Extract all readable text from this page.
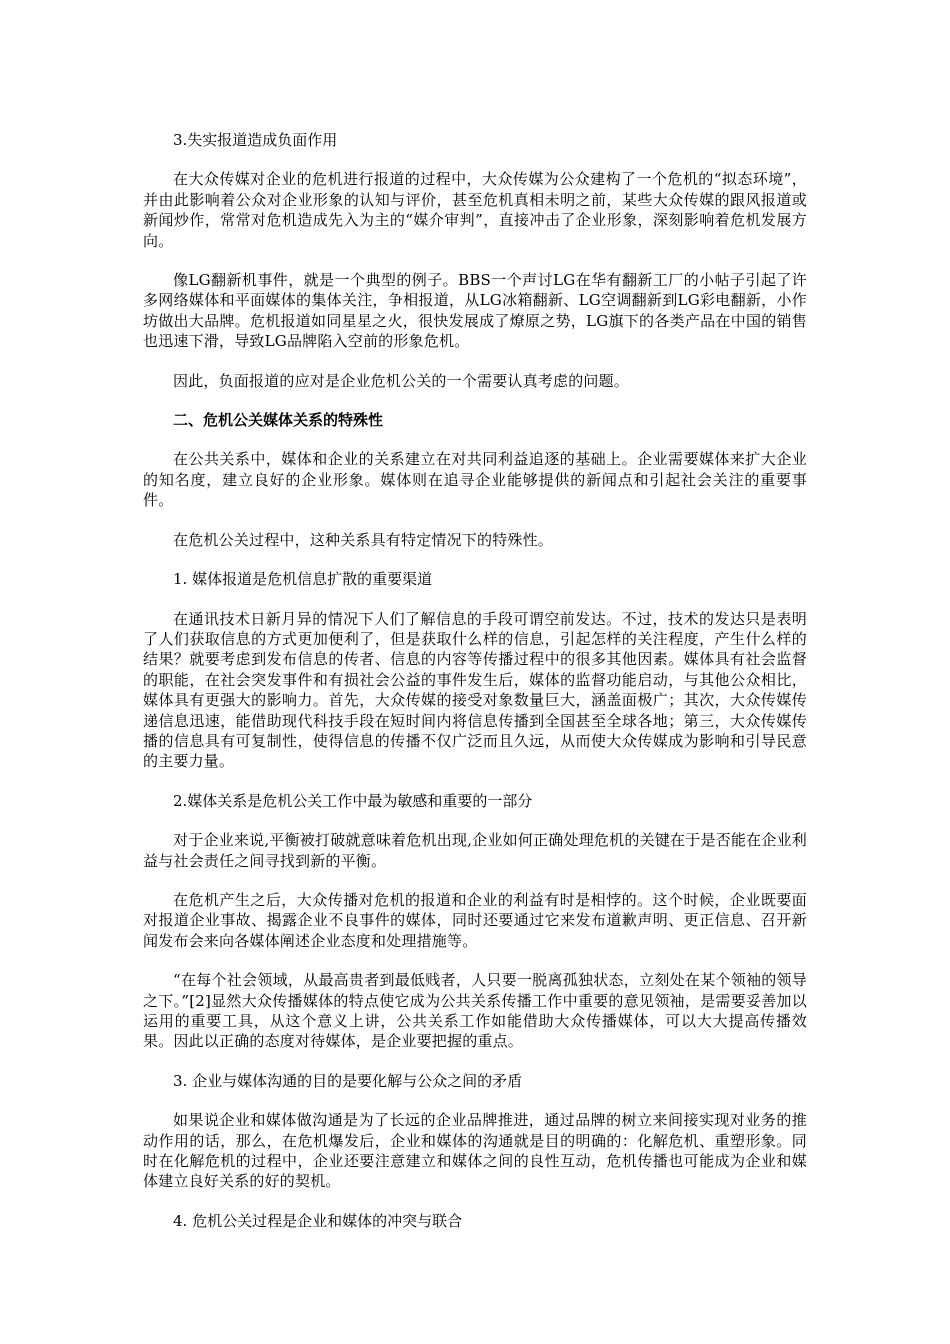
3.失实报道造成负面作用

在大众传媒对企业的危机进行报道的过程中，大众传媒为公众建构了一个危机的“拟态环境”，并由此影响着公众对企业形象的认知与评价，甚至危机真相未明之前，某些大众传媒的跟风报道或新闻炒作，常常对危机造成先入为主的“媒介审判”，直接冲击了企业形象，深刻影响着危机发展方向。

像LG翻新机事件，就是一个典型的例子。BBS一个声讨LG在华有翻新工厂的小帖子引起了许多网络媒体和平面媒体的集体关注，争相报道，从LG冰箱翻新、LG空调翻新到LG彩电翻新，小作坊做出大品牌。危机报道如同星星之火，很快发展成了燎原之势，LG旗下的各类产品在中国的销售也迅速下滑，导致LG品牌陷入空前的形象危机。

因此，负面报道的应对是企业危机公关的一个需要认真考虑的问题。

二、危机公关媒体关系的特殊性

在公共关系中，媒体和企业的关系建立在对共同利益追逐的基础上。企业需要媒体来扩大企业的知名度，建立良好的企业形象。媒体则在追寻企业能够提供的新闻点和引起社会关注的重要事件。

在危机公关过程中，这种关系具有特定情况下的特殊性。

1. 媒体报道是危机信息扩散的重要渠道

在通讯技术日新月异的情况下人们了解信息的手段可谓空前发达。不过，技术的发达只是表明了人们获取信息的方式更加便利了，但是获取什么样的信息，引起怎样的关注程度，产生什么样的结果？就要考虑到发布信息的传者、信息的内容等传播过程中的很多其他因素。媒体具有社会监督的职能，在社会突发事件和有损社会公益的事件发生后，媒体的监督功能启动，与其他公众相比，媒体具有更强大的影响力。首先，大众传媒的接受对象数量巨大，涵盖面极广；其次，大众传媒传递信息迅速，能借助现代科技手段在短时间内将信息传播到全国甚至全球各地；第三，大众传媒传播的信息具有可复制性，使得信息的传播不仅广泛而且久远，从而使大众传媒成为影响和引导民意的主要力量。

2.媒体关系是危机公关工作中最为敏感和重要的一部分

对于企业来说,平衡被打破就意味着危机出现,企业如何正确处理危机的关键在于是否能在企业利益与社会责任之间寻找到新的平衡。

在危机产生之后，大众传播对危机的报道和企业的利益有时是相悖的。这个时候，企业既要面对报道企业事故、揭露企业不良事件的媒体，同时还要通过它来发布道歉声明、更正信息、召开新闻发布会来向各媒体阐述企业态度和处理措施等。

“在每个社会领域，从最高贵者到最低贱者，人只要一脱离孤独状态，立刻处在某个领袖的领导之下。”[2]显然大众传播媒体的特点使它成为公共关系传播工作中重要的意见领袖，是需要妥善加以运用的重要工具，从这个意义上讲，公共关系工作如能借助大众传播媒体，可以大大提高传播效果。因此以正确的态度对待媒体，是企业要把握的重点。

3. 企业与媒体沟通的目的是要化解与公众之间的矛盾

如果说企业和媒体做沟通是为了长远的企业品牌推进，通过品牌的树立来间接实现对业务的推动作用的话，那么，在危机爆发后，企业和媒体的沟通就是目的明确的：化解危机、重塑形象。同时在化解危机的过程中，企业还要注意建立和媒体之间的良性互动，危机传播也可能成为企业和媒体建立良好关系的好的契机。

4. 危机公关过程是企业和媒体的冲突与联合
